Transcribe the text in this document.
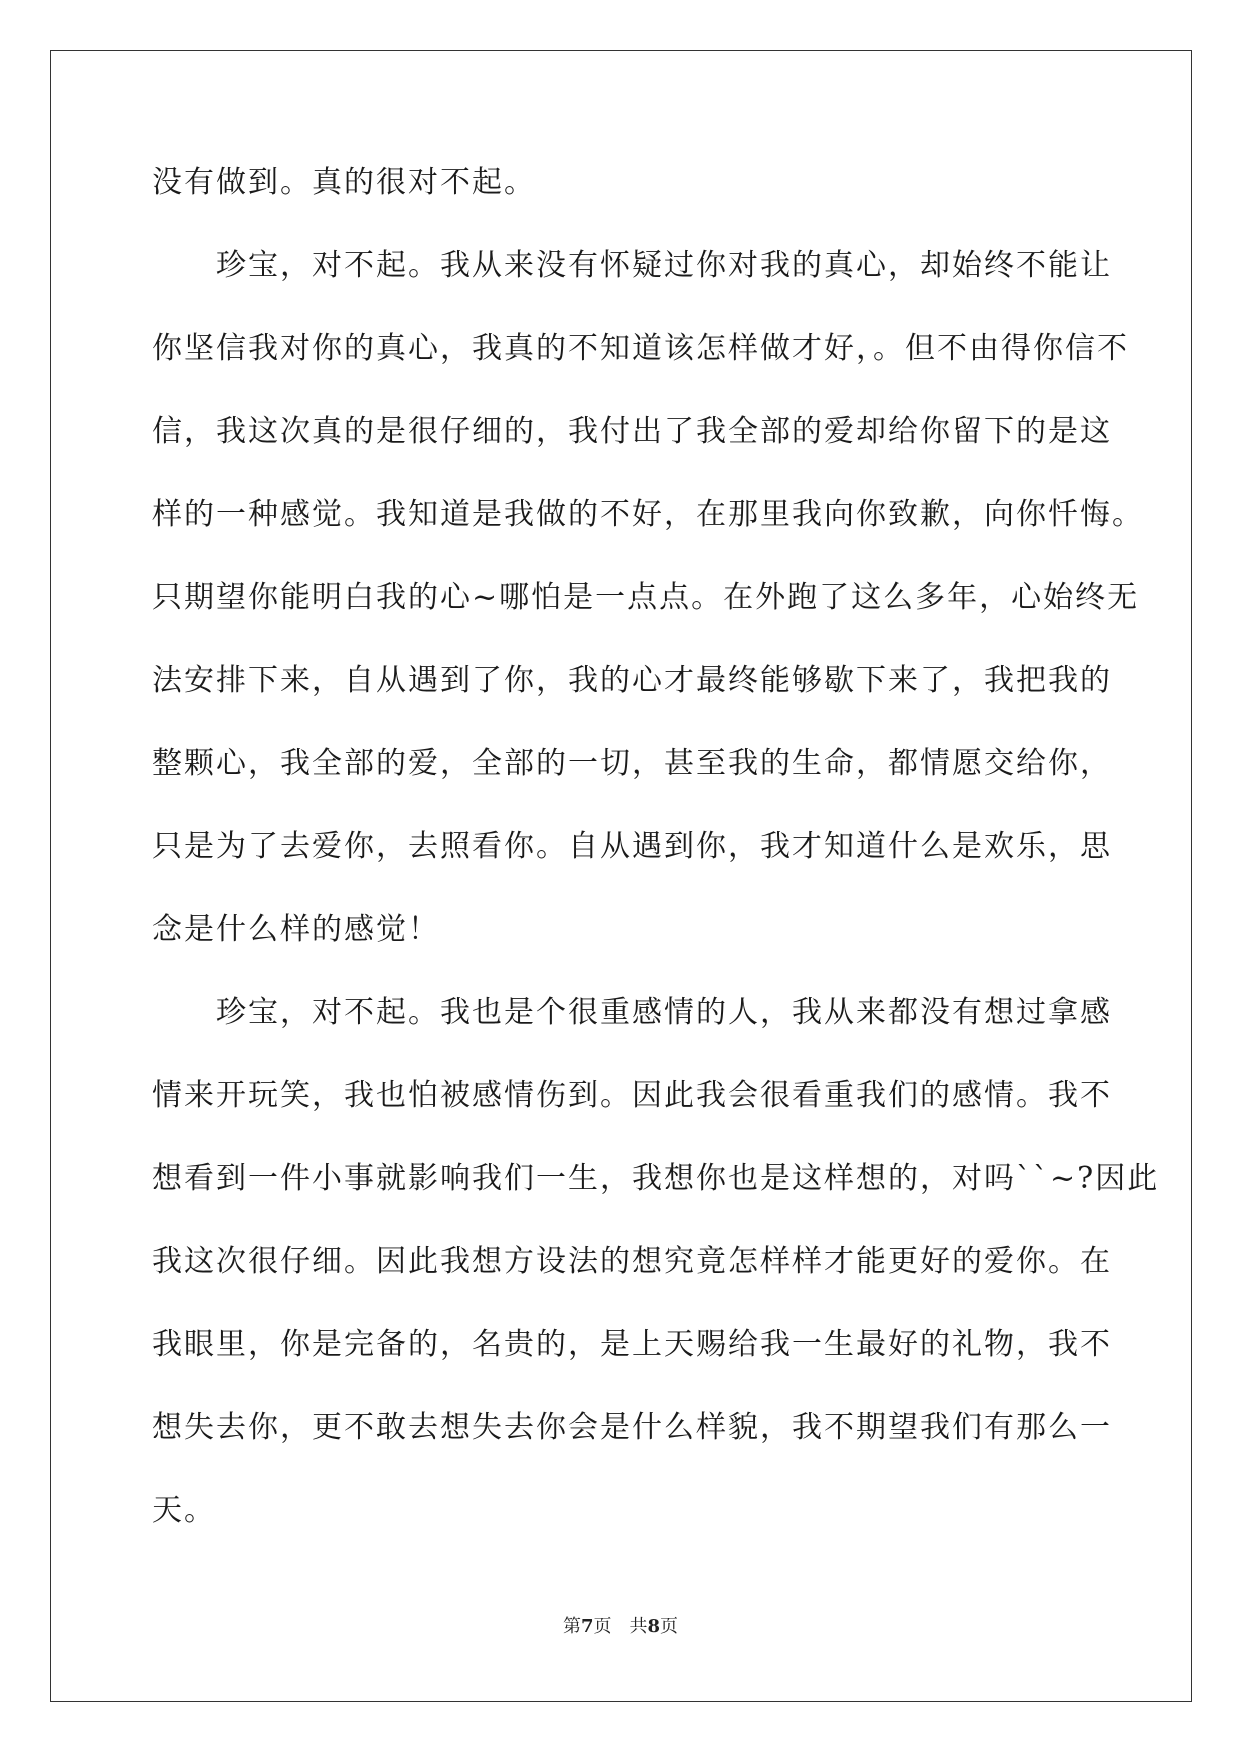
没有做到。真的很对不起。
珍宝，对不起。我从来没有怀疑过你对我的真心，却始终不能让
你坚信我对你的真心，我真的不知道该怎样做才好，。但不由得你信不
信，我这次真的是很仔细的，我付出了我全部的爱却给你留下的是这
样的一种感觉。我知道是我做的不好，在那里我向你致歉，向你忏悔。
只期望你能明白我的心~哪怕是一点点。在外跑了这么多年，心始终无
法安排下来，自从遇到了你，我的心才最终能够歇下来了，我把我的
整颗心，我全部的爱，全部的一切，甚至我的生命，都情愿交给你，
只是为了去爱你，去照看你。自从遇到你，我才知道什么是欢乐，思
念是什么样的感觉！
珍宝，对不起。我也是个很重感情的人，我从来都没有想过拿感
情来开玩笑，我也怕被感情伤到。因此我会很看重我们的感情。我不
想看到一件小事就影响我们一生，我想你也是这样想的，对吗``~?因此
我这次很仔细。因此我想方设法的想究竟怎样样才能更好的爱你。在
我眼里，你是完备的，名贵的，是上天赐给我一生最好的礼物，我不
想失去你，更不敢去想失去你会是什么样貌，我不期望我们有那么一
天。
第7页 共8页
